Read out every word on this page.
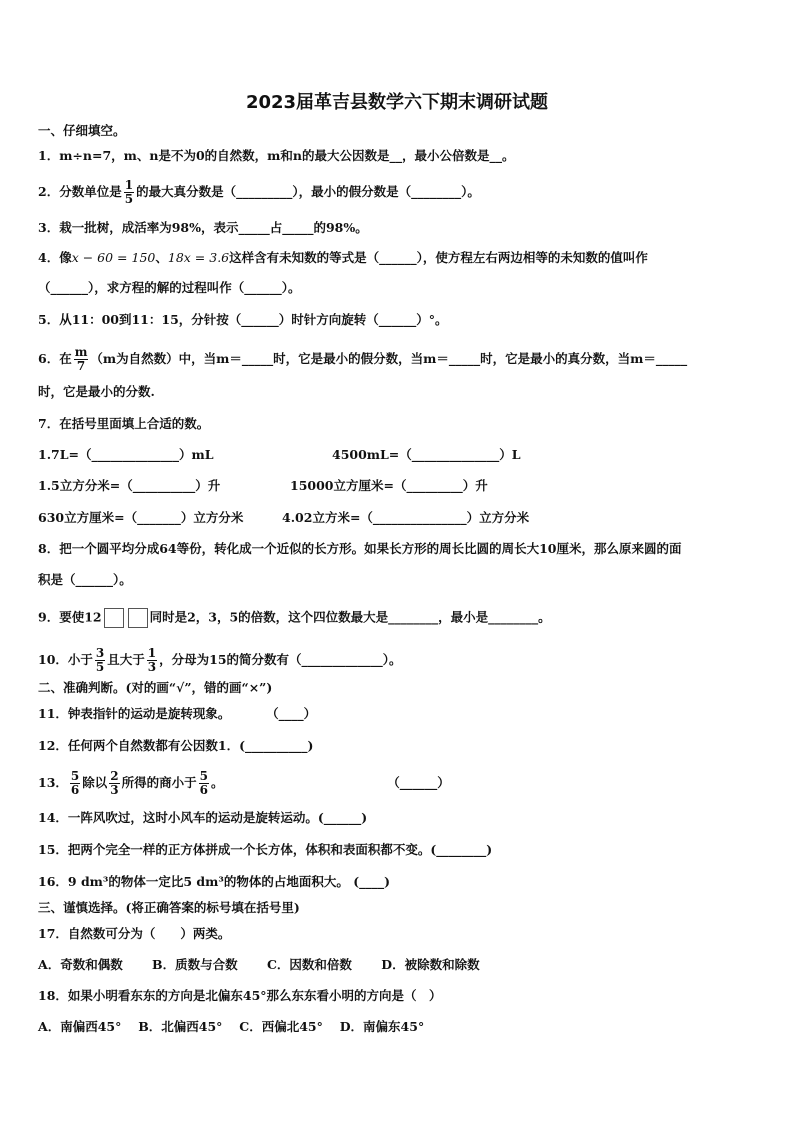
2023届革吉县数学六下期末调研试题
一、仔细填空。
1．m÷n=7，m、n是不为0的自然数，m和n的最大公因数是__，最小公倍数是__。
2．分数单位是 $\frac{1}{5}$ 的最大真分数是（_________），最小的假分数是（________）。
3．栽一批树，成活率为98%，表示_____占_____的98%。
4．像x − 60 = 150、18x = 3.6这样含有未知数的等式是（______），使方程左右两边相等的未知数的值叫作
（______），求方程的解的过程叫作（______）。
5．从11：00到11：15，分针按（______）时针方向旋转（______）°。
6．在 $\frac{m}{7} (m$为自然数）中，当m＝_____时，它是最小的假分数，当m＝_____时，它是最小的真分数，当m＝_____
时，它是最小的分数.
7．在括号里面填上合适的数。
1.7L=（______________）mL	4500mL=（______________）L
1.5立方分米=（__________）升	15000立方厘米=（_________）升
630立方厘米=（_______）立方分米	4.02立方米=（_______________）立方分米
8．把一个圆平均分成64等份，转化成一个近似的长方形。如果长方形的周长比圆的周长大10厘米，那么原来圆的面
积是（______）。
9．要使12	同时是2，3，5的倍数，这个四位数最大是________，最小是________。
10．小于 $\frac{3}{5}$ 且大于 $\frac{1}{3}$ ，分母为15的简分数有（_____________）。
二、准确判断。(对的画“√”，错的画“×”)
11．钟表指针的运动是旋转现象。	（____）
12．任何两个自然数都有公因数1．(__________)
13． $\frac{5}{6}$ 除以 $\frac{2}{3}$ 所得的商小于 $\frac{5}{6}$ 。	（______）
14．一阵风吹过，这时小风车的运动是旋转运动。(______)
15．把两个完全一样的正方体拼成一个长方体，体积和表面积都不变。(________)
16．9 dm³的物体一定比5 dm³的物体的占地面积大。 (____)
三、谨慎选择。(将正确答案的标号填在括号里)
17．自然数可分为（　　）两类。
A．奇数和偶数　　 B．质数与合数　　 C．因数和倍数　　 D．被除数和除数
18．如果小明看东东的方向是北偏东45°那么东东看小明的方向是（　）
A．南偏西45°　 B．北偏西45°　 C．西偏北45°　 D．南偏东45°
